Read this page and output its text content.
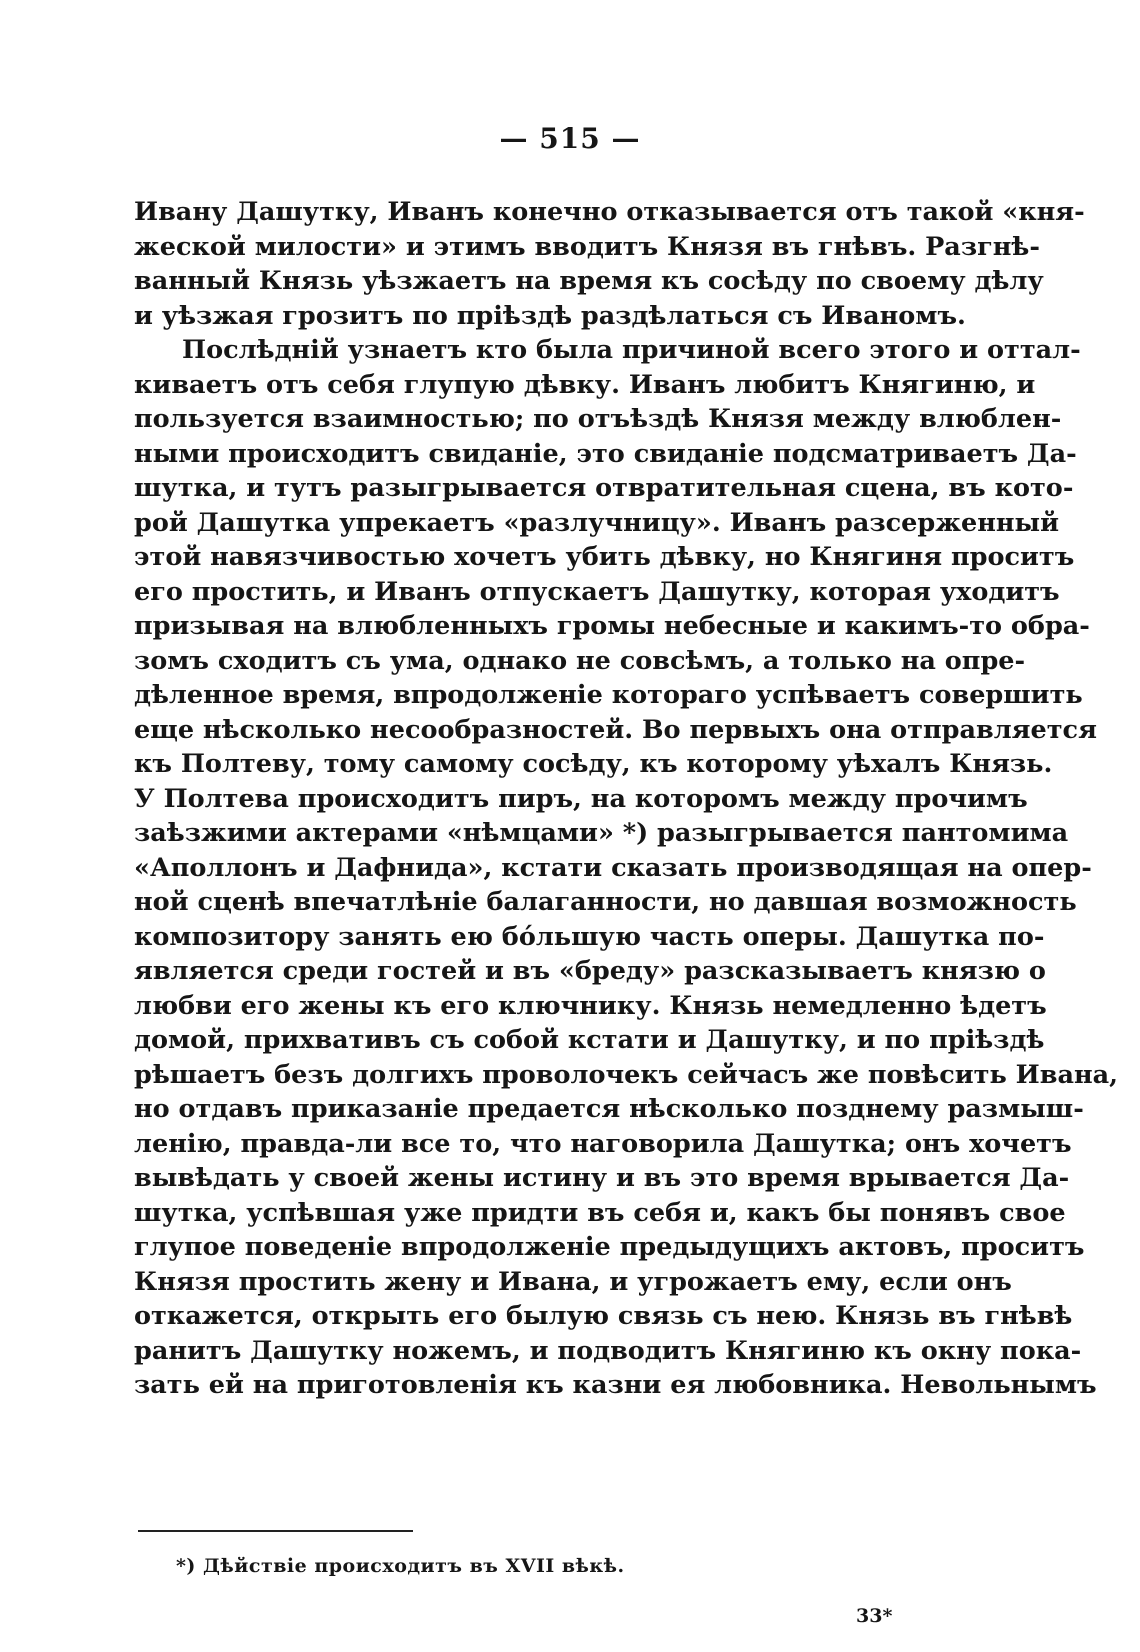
— 515 —
Ивану Дашутку, Иванъ конечно отказывается отъ такой «кня-
жеской милости» и этимъ вводитъ Князя въ гнѣвъ. Разгнѣ-
ванный Князь уѣзжаетъ на время къ сосѣду по своему дѣлу
и уѣзжая грозитъ по пріѣздѣ раздѣлаться съ Иваномъ.
Послѣдній узнаетъ кто была причиной всего этого и оттал-
киваетъ отъ себя глупую дѣвку. Иванъ любитъ Княгиню, и
пользуется взаимностью; по отъѣздѣ Князя между влюблен-
ными происходитъ свиданіе, это свиданіе подсматриваетъ Да-
шутка, и тутъ разыгрывается отвратительная сцена, въ кото-
рой Дашутка упрекаетъ «разлучницу». Иванъ разсерженный
этой навязчивостью хочетъ убить дѣвку, но Княгиня проситъ
его простить, и Иванъ отпускаетъ Дашутку, которая уходитъ
призывая на влюбленныхъ громы небесные и какимъ-то обра-
зомъ сходитъ съ ума, однако не совсѣмъ, а только на опре-
дѣленное время, впродолженіе котораго успѣваетъ совершить
еще нѣсколько несообразностей. Во первыхъ она отправляется
къ Полтеву, тому самому сосѣду, къ которому уѣхалъ Князь.
У Полтева происходитъ пиръ, на которомъ между прочимъ
заѣзжими актерами «нѣмцами» *) разыгрывается пантомима
«Аполлонъ и Дафнида», кстати сказать производящая на опер-
ной сценѣ впечатлѣніе балаганности, но давшая возможность
композитору занять ею бо́льшую часть оперы. Дашутка по-
является среди гостей и въ «бреду» разсказываетъ князю о
любви его жены къ его ключнику. Князь немедленно ѣдетъ
домой, прихвативъ съ собой кстати и Дашутку, и по пріѣздѣ
рѣшаетъ безъ долгихъ проволочекъ сейчасъ же повѣсить Ивана,
но отдавъ приказаніе предается нѣсколько позднему размыш-
ленію, правда-ли все то, что наговорила Дашутка; онъ хочетъ
вывѣдать у своей жены истину и въ это время врывается Да-
шутка, успѣвшая уже придти въ себя и, какъ бы понявъ свое
глупое поведеніе впродолженіе предыдущихъ актовъ, проситъ
Князя простить жену и Ивана, и угрожаетъ ему, если онъ
откажется, открыть его былую связь съ нею. Князь въ гнѣвѣ
ранитъ Дашутку ножемъ, и подводитъ Княгиню къ окну пока-
зать ей на приготовленія къ казни ея любовника. Невольнымъ
*) Дѣйствіе происходитъ въ XVII вѣкѣ.
33*
